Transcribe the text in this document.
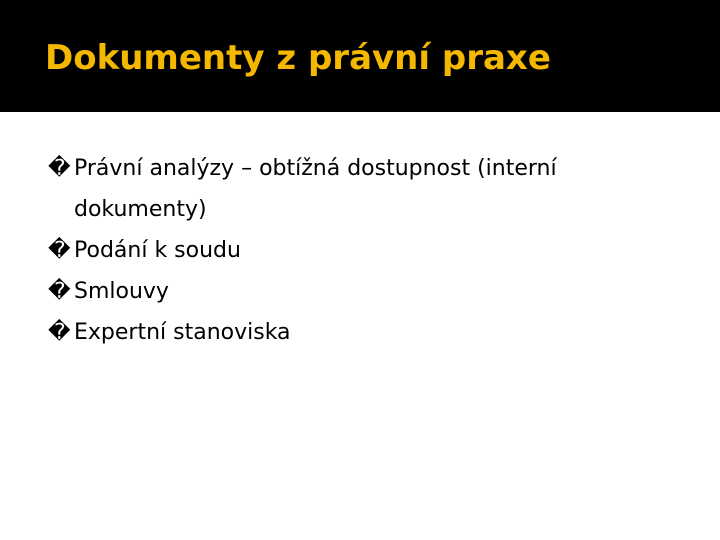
Dokumenty z právní praxe
� Právní analýzy – obtížná dostupnost (interní dokumenty)
� Podání k soudu
� Smlouvy
� Expertní stanoviska
